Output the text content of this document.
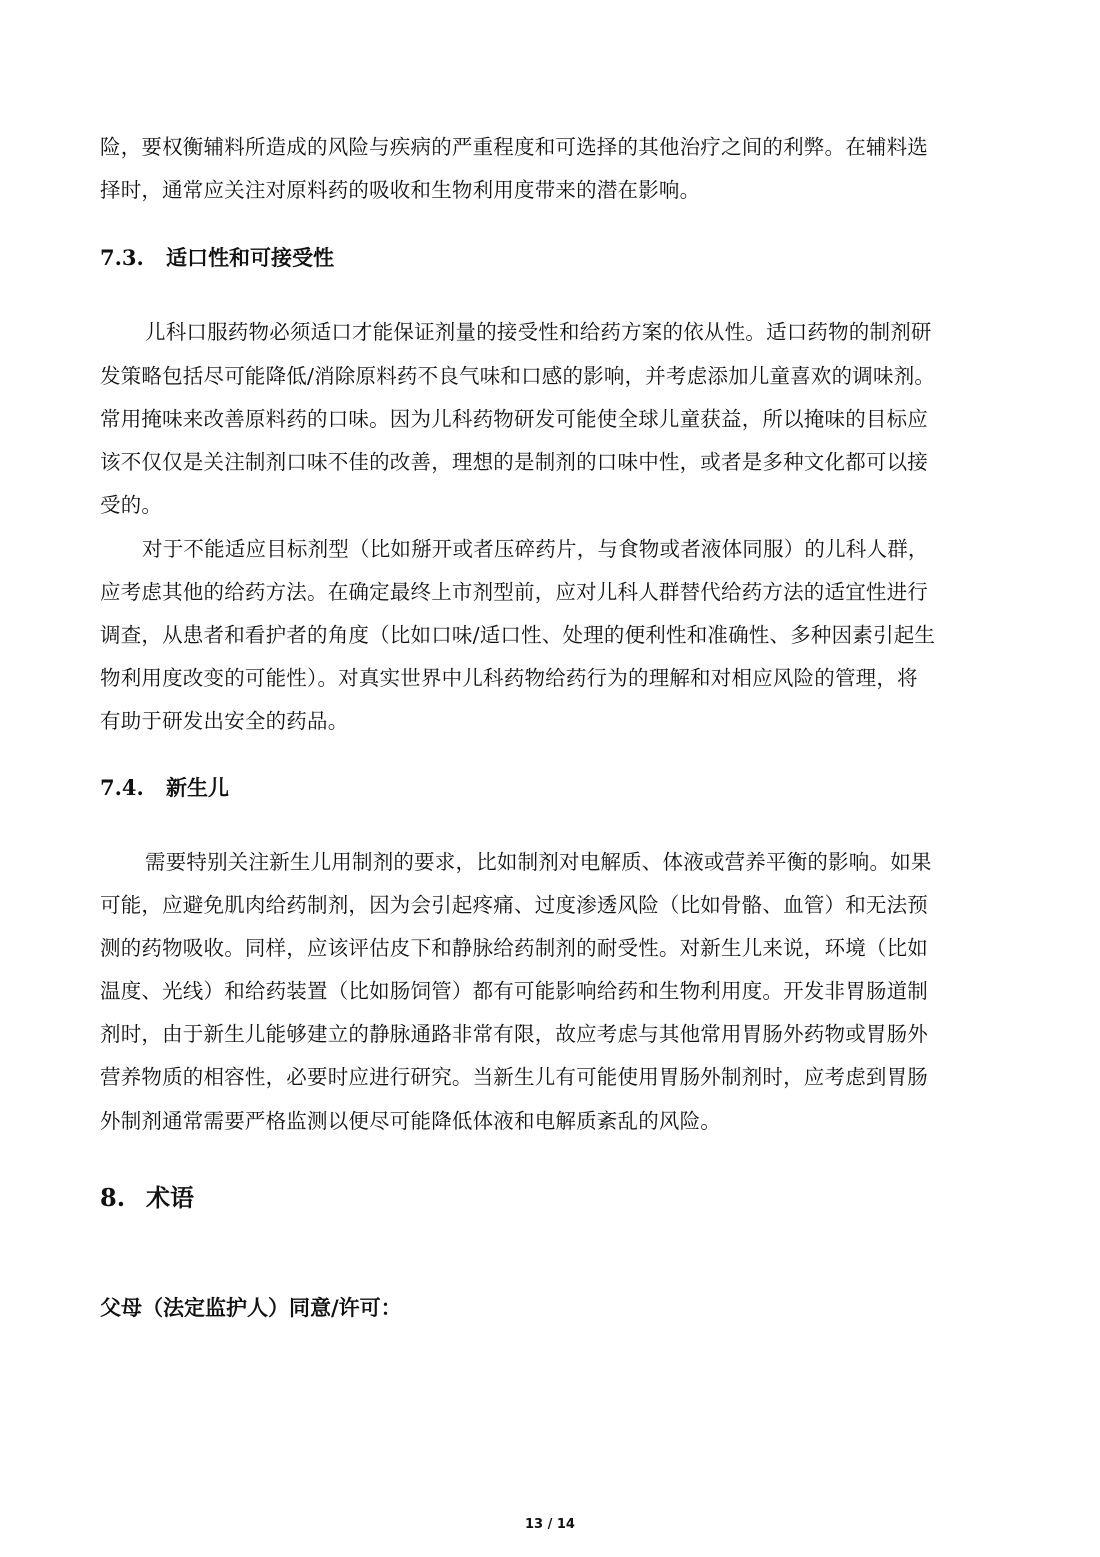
险，要权衡辅料所造成的风险与疾病的严重程度和可选择的其他治疗之间的利弊。在辅料选
择时，通常应关注对原料药的吸收和生物利用度带来的潜在影响。
7.3. 适口性和可接受性
儿科口服药物必须适口才能保证剂量的接受性和给药方案的依从性。适口药物的制剂研
发策略包括尽可能降低/消除原料药不良气味和口感的影响，并考虑添加儿童喜欢的调味剂。
常用掩味来改善原料药的口味。因为儿科药物研发可能使全球儿童获益，所以掩味的目标应
该不仅仅是关注制剂口味不佳的改善，理想的是制剂的口味中性，或者是多种文化都可以接
受的。
对于不能适应目标剂型（比如掰开或者压碎药片，与食物或者液体同服）的儿科人群，
应考虑其他的给药方法。在确定最终上市剂型前，应对儿科人群替代给药方法的适宜性进行
调查，从患者和看护者的角度（比如口味/适口性、处理的便利性和准确性、多种因素引起生
物利用度改变的可能性）。对真实世界中儿科药物给药行为的理解和对相应风险的管理，将
有助于研发出安全的药品。
7.4. 新生儿
需要特别关注新生儿用制剂的要求，比如制剂对电解质、体液或营养平衡的影响。如果
可能，应避免肌肉给药制剂，因为会引起疼痛、过度渗透风险（比如骨骼、血管）和无法预
测的药物吸收。同样，应该评估皮下和静脉给药制剂的耐受性。对新生儿来说，环境（比如
温度、光线）和给药装置（比如肠饲管）都有可能影响给药和生物利用度。开发非胃肠道制
剂时，由于新生儿能够建立的静脉通路非常有限，故应考虑与其他常用胃肠外药物或胃肠外
营养物质的相容性，必要时应进行研究。当新生儿有可能使用胃肠外制剂时，应考虑到胃肠
外制剂通常需要严格监测以便尽可能降低体液和电解质紊乱的风险。
8. 术语
父母（法定监护人）同意/许可：
13 / 14
